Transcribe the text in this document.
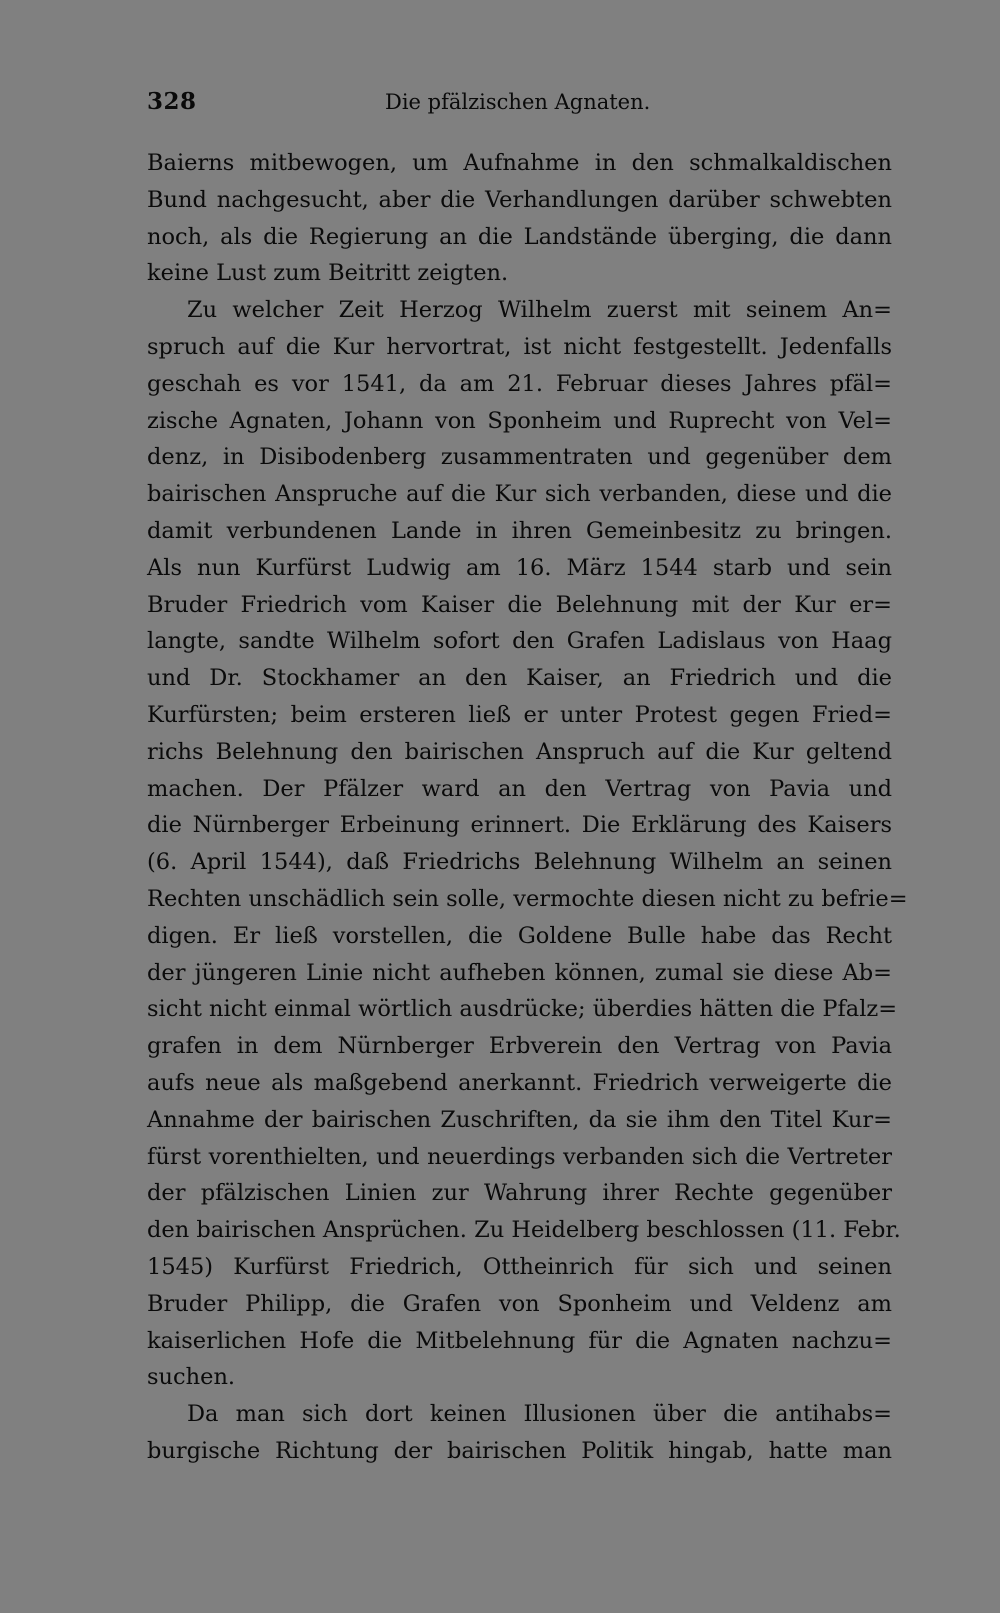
328	Die pfälzischen Agnaten.
Baierns mitbewogen, um Aufnahme in den schmalkaldischen
Bund nachgesucht, aber die Verhandlungen darüber schwebten
noch, als die Regierung an die Landstände überging, die dann
keine Lust zum Beitritt zeigten.
Zu welcher Zeit Herzog Wilhelm zuerst mit seinem An=
spruch auf die Kur hervortrat, ist nicht festgestellt. Jedenfalls
geschah es vor 1541, da am 21. Februar dieses Jahres pfäl=
zische Agnaten, Johann von Sponheim und Ruprecht von Vel=
denz, in Disibodenberg zusammentraten und gegenüber dem
bairischen Anspruche auf die Kur sich verbanden, diese und die
damit verbundenen Lande in ihren Gemeinbesitz zu bringen.
Als nun Kurfürst Ludwig am 16. März 1544 starb und sein
Bruder Friedrich vom Kaiser die Belehnung mit der Kur er=
langte, sandte Wilhelm sofort den Grafen Ladislaus von Haag
und Dr. Stockhamer an den Kaiser, an Friedrich und die
Kurfürsten; beim ersteren ließ er unter Protest gegen Fried=
richs Belehnung den bairischen Anspruch auf die Kur geltend
machen. Der Pfälzer ward an den Vertrag von Pavia und
die Nürnberger Erbeinung erinnert. Die Erklärung des Kaisers
(6. April 1544), daß Friedrichs Belehnung Wilhelm an seinen
Rechten unschädlich sein solle, vermochte diesen nicht zu befrie=
digen. Er ließ vorstellen, die Goldene Bulle habe das Recht
der jüngeren Linie nicht aufheben können, zumal sie diese Ab=
sicht nicht einmal wörtlich ausdrücke; überdies hätten die Pfalz=
grafen in dem Nürnberger Erbverein den Vertrag von Pavia
aufs neue als maßgebend anerkannt. Friedrich verweigerte die
Annahme der bairischen Zuschriften, da sie ihm den Titel Kur=
fürst vorenthielten, und neuerdings verbanden sich die Vertreter
der pfälzischen Linien zur Wahrung ihrer Rechte gegenüber
den bairischen Ansprüchen. Zu Heidelberg beschlossen (11. Febr.
1545) Kurfürst Friedrich, Ottheinrich für sich und seinen
Bruder Philipp, die Grafen von Sponheim und Veldenz am
kaiserlichen Hofe die Mitbelehnung für die Agnaten nachzu=
suchen.
Da man sich dort keinen Illusionen über die antihabs=
burgische Richtung der bairischen Politik hingab, hatte man
